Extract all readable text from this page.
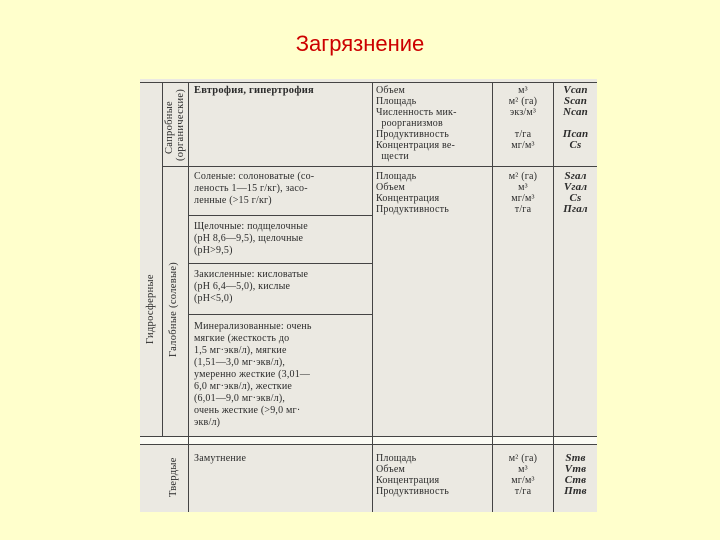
Загрязнение
Гидросферные
Сапробные (органические)
Галобные (солевые)
Твердые
Евтрофия, гипертрофия	Объем
Площадь
Численность мик-
роорганизмов
Продуктивность
Концентрация ве-
щести
м³
м² (га)
экз/м³
т/га
мг/м³
Vсап
Sсап
Nсап
Псап
Cs
Соленые: солоноватые (со-
леность 1—15 г/кг), засо-
ленные (>15 г/кг)
Площадь
Объем
Концентрация
Продуктивность
м² (га)
м³
мг/м³
т/га
Sгал
Vгал
Cs
Пгал
Щелочные: подщелочные
(рН 8,6—9,5), щелочные
(рН>9,5)
Закисленные: кисловатые
(рН 6,4—5,0), кислые
(рН<5,0)
Минерализованные: очень
мягкие (жесткость до
1,5 мг·экв/л), мягкие
(1,51—3,0 мг·экв/л),
умеренно жесткие (3,01—
6,0 мг·экв/л), жесткие
(6,01—9,0 мг·экв/л),
очень жесткие (>9,0 мг·
экв/л)
Замутнение	Площадь
Объем
Концентрация
Продуктивность
м² (га)
м³
мг/м³
т/га
Sтв
Vтв
Cтв
Птв
